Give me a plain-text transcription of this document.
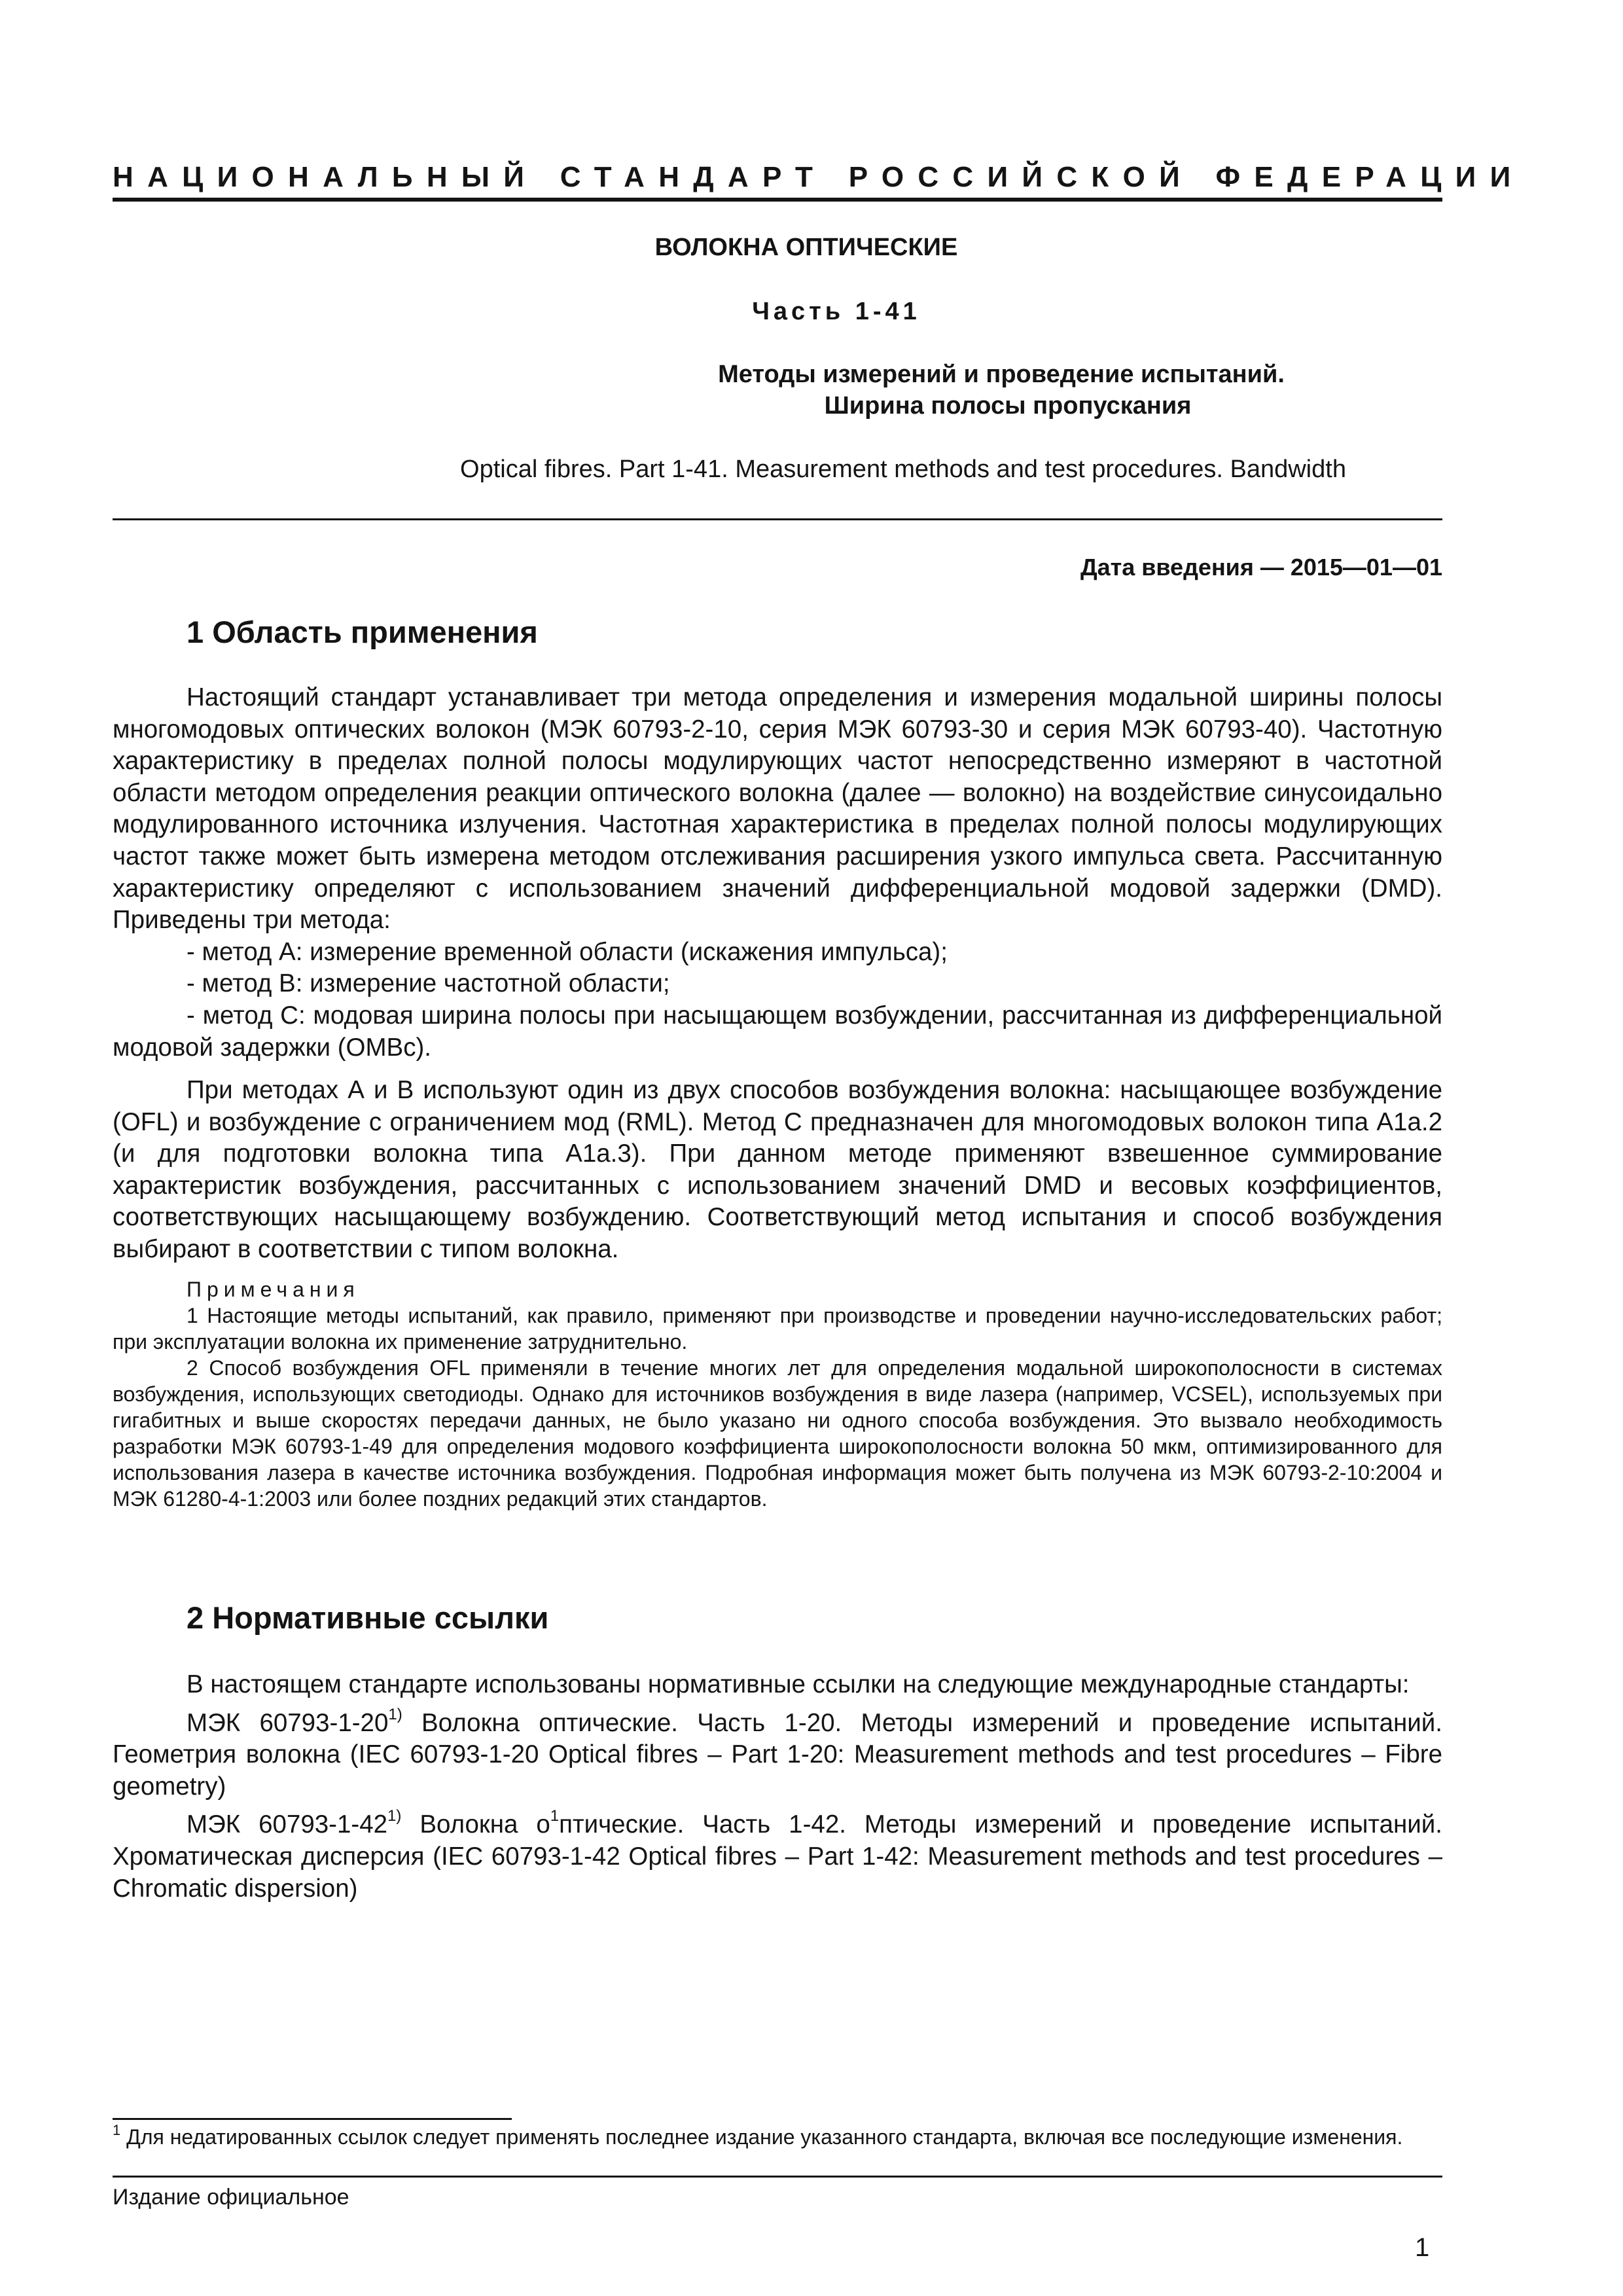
НАЦИОНАЛЬНЫЙ СТАНДАРТ РОССИЙСКОЙ ФЕДЕРАЦИИ
ВОЛОКНА ОПТИЧЕСКИЕ
Часть 1-41
Методы измерений и проведение испытаний.
Ширина полосы пропускания
Optical fibres. Part 1-41. Measurement methods and test procedures. Bandwidth
Дата введения — 2015—01—01
1 Область применения

Настоящий стандарт устанавливает три метода определения и измерения модальной ширины полосы многомодовых оптических волокон (МЭК 60793-2-10, серия МЭК 60793-30 и серия МЭК 60793-40). Частотную характеристику в пределах полной полосы модулирующих частот непосредственно измеряют в частотной области методом определения реакции оптического волокна (далее — волокно) на воздействие синусоидально модулированного источника излучения. Частотная характеристика в пределах полной полосы модулирующих частот также может быть измерена методом отслеживания расширения узкого импульса света. Рассчитанную характеристику определяют с использованием значений дифференциальной модовой задержки (DMD). Приведены три метода:

- метод А: измерение временной области (искажения импульса);

- метод В: измерение частотной области;

- метод С: модовая ширина полосы при насыщающем возбуждении, рассчитанная из дифференциальной модовой задержки (ОМВс).

При методах А и В используют один из двух способов возбуждения волокна: насыщающее возбуждение (OFL) и возбуждение с ограничением мод (RML). Метод С предназначен для многомодовых волокон типа A1a.2 (и для подготовки волокна типа A1a.3). При данном методе применяют взвешенное суммирование характеристик возбуждения, рассчитанных с использованием значений DMD и весовых коэффициентов, соответствующих насыщающему возбуждению. Соответствующий метод испытания и способ возбуждения выбирают в соответствии с типом волокна.

Примечания

1 Настоящие методы испытаний, как правило, применяют при производстве и проведении научно-исследовательских работ; при эксплуатации волокна их применение затруднительно.

2 Способ возбуждения OFL применяли в течение многих лет для определения модальной широкополосности в системах возбуждения, использующих светодиоды. Однако для источников возбуждения в виде лазера (например, VCSEL), используемых при гигабитных и выше скоростях передачи данных, не было указано ни одного способа возбуждения. Это вызвало необходимость разработки МЭК 60793-1-49 для определения модового коэффициента широкополосности волокна 50 мкм, оптимизированного для использования лазера в качестве источника возбуждения. Подробная информация может быть получена из МЭК 60793-2-10:2004 и МЭК 61280-4-1:2003 или более поздних редакций этих стандартов.

2 Нормативные ссылки

В настоящем стандарте использованы нормативные ссылки на следующие международные стандарты:

МЭК 60793-1-20$^{1)}$ Волокна оптические. Часть 1-20. Методы измерений и проведение испытаний. Геометрия волокна (IEC 60793-1-20 Optical fibres – Part 1-20: Measurement methods and test procedures – Fibre geometry)

МЭК 60793-1-42$^{1)}$ Волокна $о^1птические$. Часть 1-42. Методы измерений и проведение испытаний. Хроматическая дисперсия (IEC 60793-1-42 Optical fibres – Part 1-42: Measurement methods and test procedures – Chromatic dispersion)

$^1$ Для недатированных ссылок следует применять последнее издание указанного стандарта, включая все последующие изменения.
Издание официальное
1
